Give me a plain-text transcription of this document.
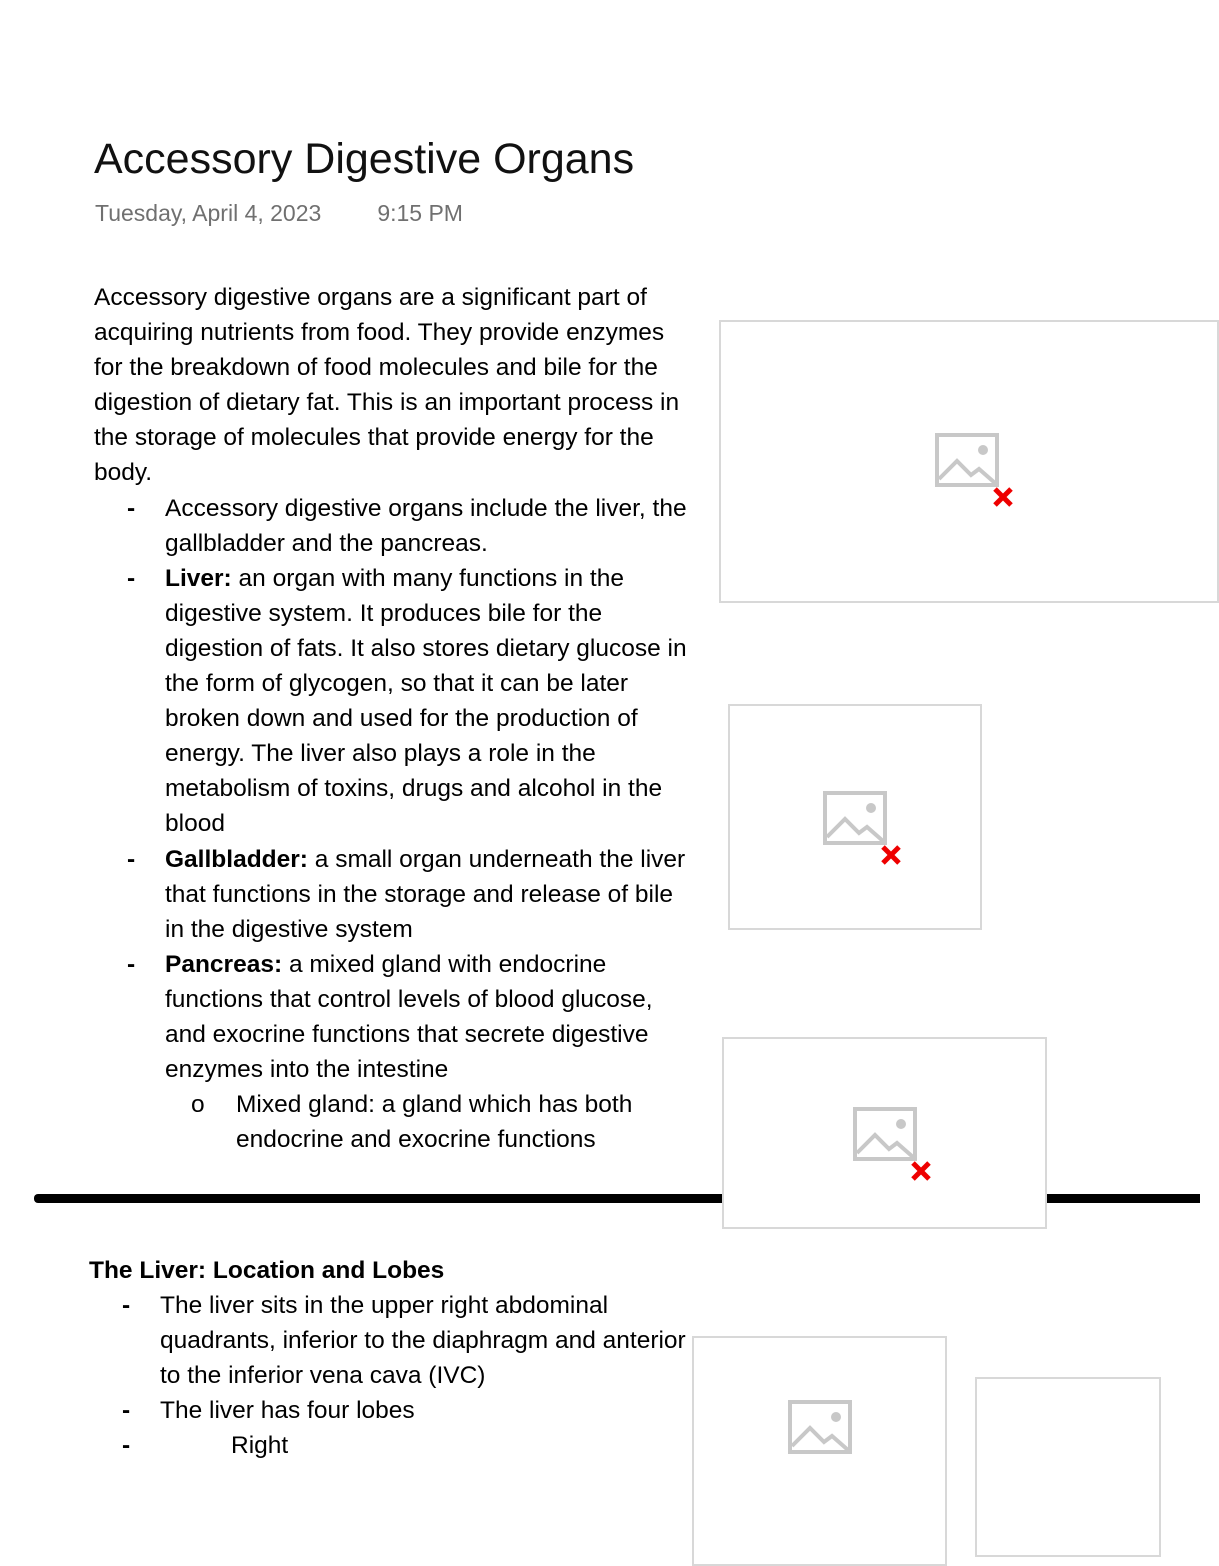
Accessory Digestive Organs
Tuesday, April 4, 2023 9:15 PM

Accessory digestive organs are a significant part of acquiring nutrients from food. They provide enzymes for the breakdown of food molecules and bile for the digestion of dietary fat. This is an important process in the storage of molecules that provide energy for the body.

- Accessory digestive organs include the liver, the gallbladder and the pancreas.
- Liver: an organ with many functions in the digestive system. It produces bile for the digestion of fats. It also stores dietary glucose in the form of glycogen, so that it can be later broken down and used for the production of energy. The liver also plays a role in the metabolism of toxins, drugs and alcohol in the blood
- Gallbladder: a small organ underneath the liver that functions in the storage and release of bile in the digestive system
- Pancreas: a mixed gland with endocrine functions that control levels of blood glucose, and exocrine functions that secrete digestive enzymes into the intestine
o Mixed gland: a gland which has both endocrine and exocrine functions
The Liver: Location and Lobes
- The liver sits in the upper right abdominal quadrants, inferior to the diaphragm and anterior to the inferior vena cava (IVC)
- The liver has four lobes
- Right
